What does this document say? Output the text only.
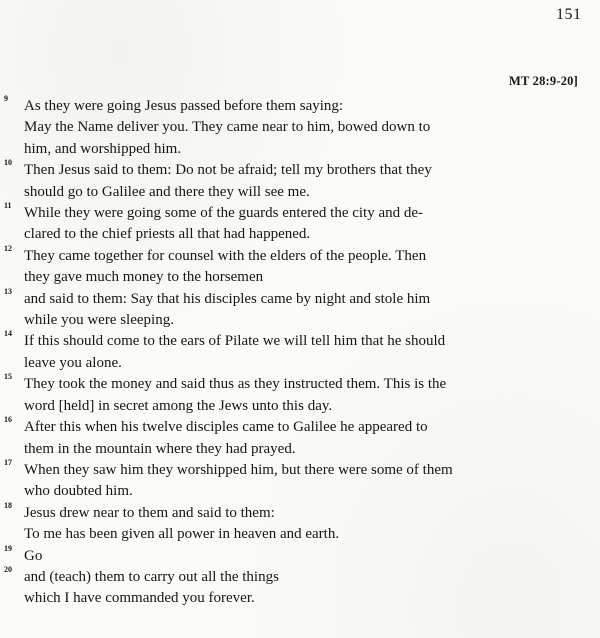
151
MT 28:9-20]
9 As they were going Jesus passed before them saying:
May the Name deliver you. They came near to him, bowed down to
him, and worshipped him.
10 Then Jesus said to them: Do not be afraid; tell my brothers that they
should go to Galilee and there they will see me.
11 While they were going some of the guards entered the city and de-
clared to the chief priests all that had happened.
12 They came together for counsel with the elders of the people. Then
they gave much money to the horsemen
13 and said to them: Say that his disciples came by night and stole him
while you were sleeping.
14 If this should come to the ears of Pilate we will tell him that he should
leave you alone.
15 They took the money and said thus as they instructed them. This is the
word [held] in secret among the Jews unto this day.
16 After this when his twelve disciples came to Galilee he appeared to
them in the mountain where they had prayed.
17 When they saw him they worshipped him, but there were some of them
who doubted him.
18 Jesus drew near to them and said to them:
To me has been given all power in heaven and earth.
19 Go
20 and (teach) them to carry out all the things
which I have commanded you forever.
